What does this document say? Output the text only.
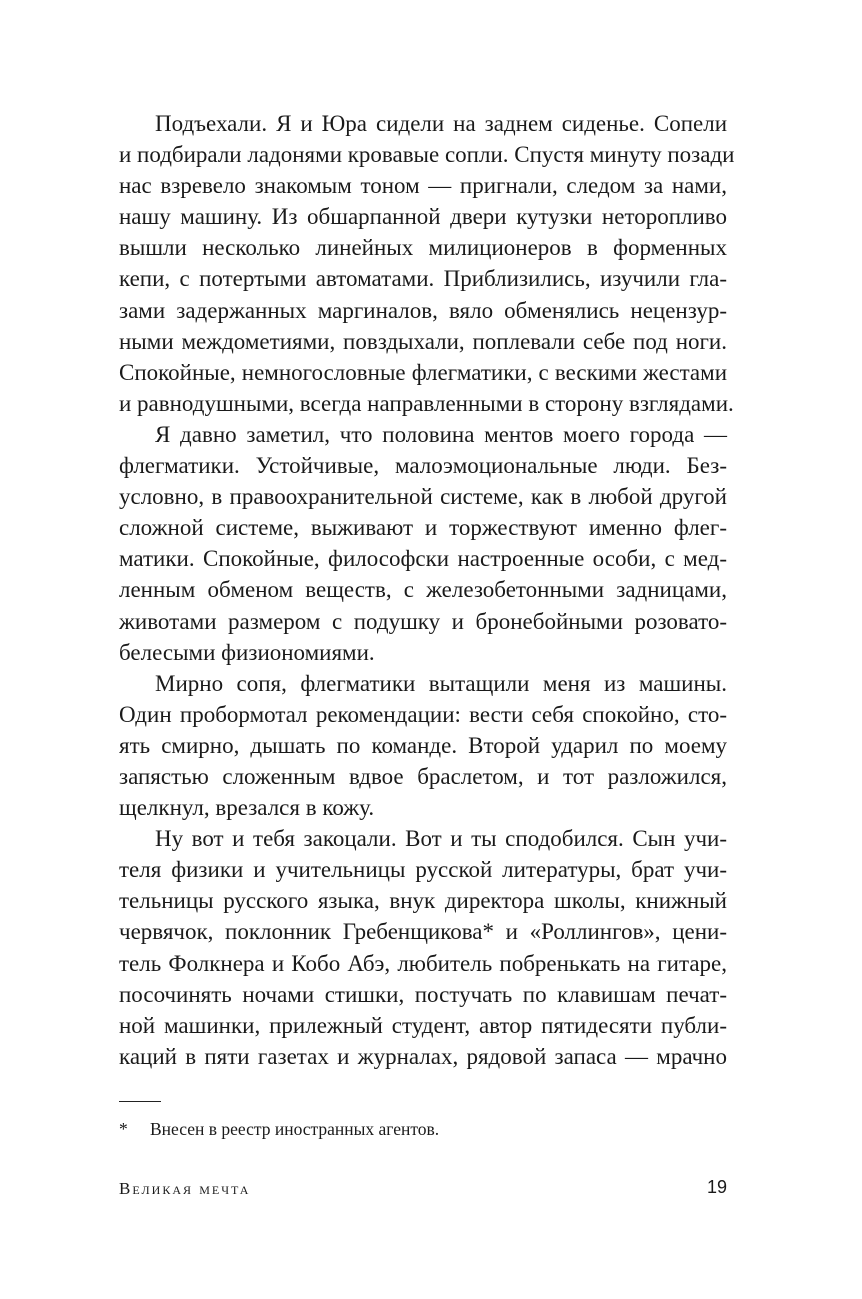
Подъехали. Я и Юра сидели на заднем сиденье. Сопели
и подбирали ладонями кровавые сопли. Спустя минуту позади
нас взревело знакомым тоном — пригнали, следом за нами,
нашу машину. Из обшарпанной двери кутузки неторопливо
вышли несколько линейных милиционеров в форменных
кепи, с потертыми автоматами. Приблизились, изучили гла-
зами задержанных маргиналов, вяло обменялись нецензур-
ными междометиями, повздыхали, поплевали себе под ноги.
Спокойные, немногословные флегматики, с вескими жестами
и равнодушными, всегда направленными в сторону взглядами.
Я давно заметил, что половина ментов моего города —
флегматики. Устойчивые, малоэмоциональные люди. Без-
условно, в правоохранительной системе, как в любой другой
сложной системе, выживают и торжествуют именно флег-
матики. Спокойные, философски настроенные особи, с мед-
ленным обменом веществ, с железобетонными задницами,
животами размером с подушку и бронебойными розовато-
белесыми физиономиями.
Мирно сопя, флегматики вытащили меня из машины.
Один пробормотал рекомендации: вести себя спокойно, сто-
ять смирно, дышать по команде. Второй ударил по моему
запястью сложенным вдвое браслетом, и тот разложился,
щелкнул, врезался в кожу.
Ну вот и тебя закоцали. Вот и ты сподобился. Сын учи-
теля физики и учительницы русской литературы, брат учи-
тельницы русского языка, внук директора школы, книжный
червячок, поклонник Гребенщикова* и «Роллингов», цени-
тель Фолкнера и Кобо Абэ, любитель побренькать на гитаре,
посочинять ночами стишки, постучать по клавишам печат-
ной машинки, прилежный студент, автор пятидесяти публи-
каций в пяти газетах и журналах, рядовой запаса — мрачно
* Внесен в реестр иностранных агентов.
Великая мечта	19
